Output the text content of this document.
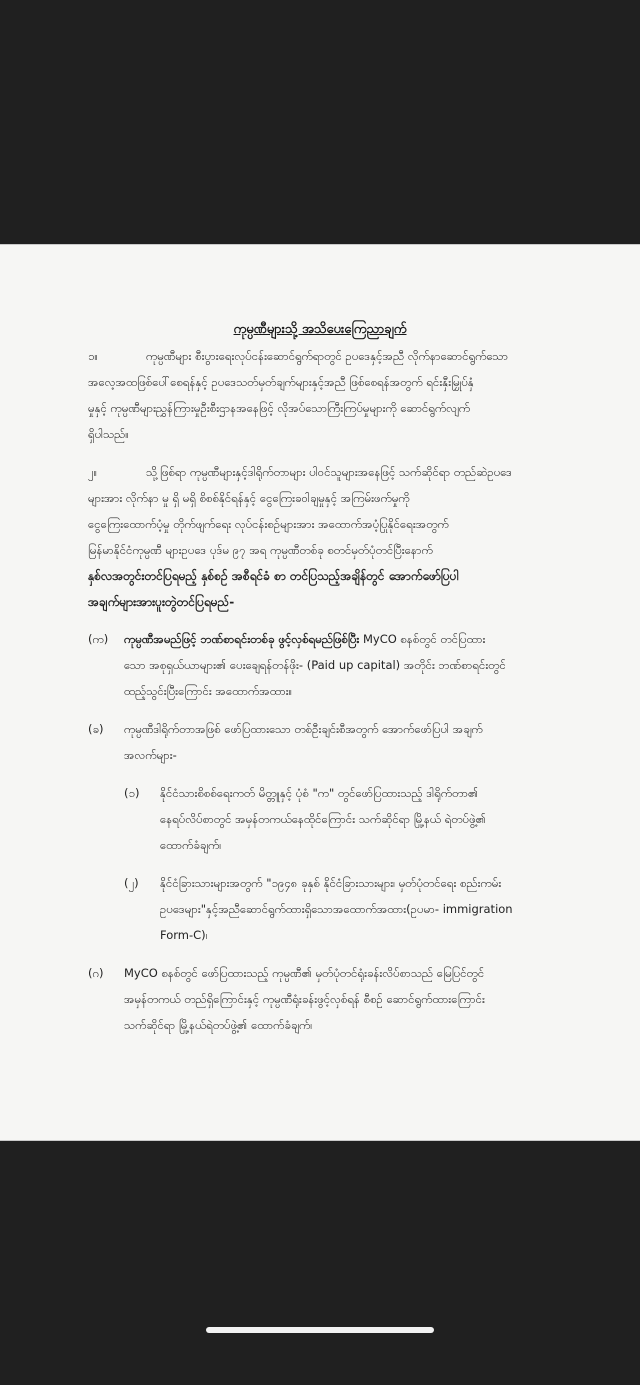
ကုမ္ပဏီများသို့ အသိပေးကြေညာချက်
၁။	ကုမ္ပဏီများ စီးပွားရေးလုပ်ငန်းဆောင်ရွက်ရာတွင် ဥပဒေနှင့်အညီ လိုက်နာဆောင်ရွက်သော
အလေ့အထဖြစ်ပေါ်စေရန်နှင့် ဥပဒေသတ်မှတ်ချက်များနှင့်အညီ ဖြစ်စေရန်အတွက် ရင်းနှီးမြှုပ်နှံ
မှုနှင့် ကုမ္ပဏီများညွှန်ကြားမှုဦးစီးဌာနအနေဖြင့် လိုအပ်သောကြီးကြပ်မှုများကို ဆောင်ရွက်လျက်
ရှိပါသည်။
၂။	သို့ဖြစ်ရာ ကုမ္ပဏီများနှင့်ဒါရိုက်တာများ ပါဝင်သူများအနေဖြင့် သက်ဆိုင်ရာ တည်ဆဲဥပဒေ
များအား လိုက်နာ မှု ရှိ မရှိ စိစစ်နိုင်ရန်နှင့် ငွေကြေးခဝါချမှုနှင့် အကြမ်းဖက်မှုကို
ငွေကြေးထောက်ပံ့မှု တိုက်ဖျက်ရေး လုပ်ငန်းစဉ်များအား အထောက်အပံ့ပြုနိုင်ရေးအတွက်
မြန်မာနိုင်ငံကုမ္ပဏီ များဥပဒေ ပုဒ်မ ၉၇ အရ ကုမ္ပဏီတစ်ခု စတင်မှတ်ပုံတင်ပြီးနောက်
နှစ်လအတွင်းတင်ပြရမည့် နှစ်စဉ် အစီရင်ခံ စာ တင်ပြသည့်အချိန်တွင် အောက်ဖော်ပြပါ
အချက်များအားပူးတွဲတင်ပြရမည်-
(က) ကုမ္ပဏီအမည်ဖြင့် ဘဏ်စာရင်းတစ်ခု ဖွင့်လှစ်ရမည်ဖြစ်ပြီး MyCO စနစ်တွင် တင်ပြထား
သော အစုရှယ်ယာများ၏ ပေးချေရန်တန်ဖိုး- (Paid up capital) အတိုင်း ဘဏ်စာရင်းတွင်
ထည့်သွင်းပြီးကြောင်း အထောက်အထား။
(ခ) ကုမ္ပဏီဒါရိုက်တာအဖြစ် ဖော်ပြထားသော တစ်ဦးချင်းစီအတွက် အောက်ဖော်ပြပါ အချက်
အလက်များ-
(၁) နိုင်ငံသားစိစစ်ရေးကတ် မိတ္တူနှင့် ပုံစံ "က" တွင်ဖော်ပြထားသည့် ဒါရိုက်တာ၏
နေရပ်လိပ်စာတွင် အမှန်တကယ်နေထိုင်ကြောင်း သက်ဆိုင်ရာ မြို့နယ် ရဲတပ်ဖွဲ့၏
ထောက်ခံချက်၊
(၂) နိုင်ငံခြားသားများအတွက် "၁၉၄၈ ခုနှစ် နိုင်ငံခြားသားများ၊ မှတ်ပုံတင်ရေး စည်းကမ်း
ဥပဒေများ"နှင့်အညီဆောင်ရွက်ထားရှိသောအထောက်အထား(ဥပမာ- immigration
Form-C)၊
(ဂ) MyCO စနစ်တွင် ဖော်ပြထားသည့် ကုမ္ပဏီ၏ မှတ်ပုံတင်ရုံးခန်းလိပ်စာသည် မြေပြင်တွင်
အမှန်တကယ် တည်ရှိကြောင်းနှင့် ကုမ္ပဏီရုံးခန်းဖွင့်လှစ်ရန် စီစဉ် ဆောင်ရွက်ထားကြောင်း
သက်ဆိုင်ရာ မြို့နယ်ရဲတပ်ဖွဲ့၏ ထောက်ခံချက်၊
